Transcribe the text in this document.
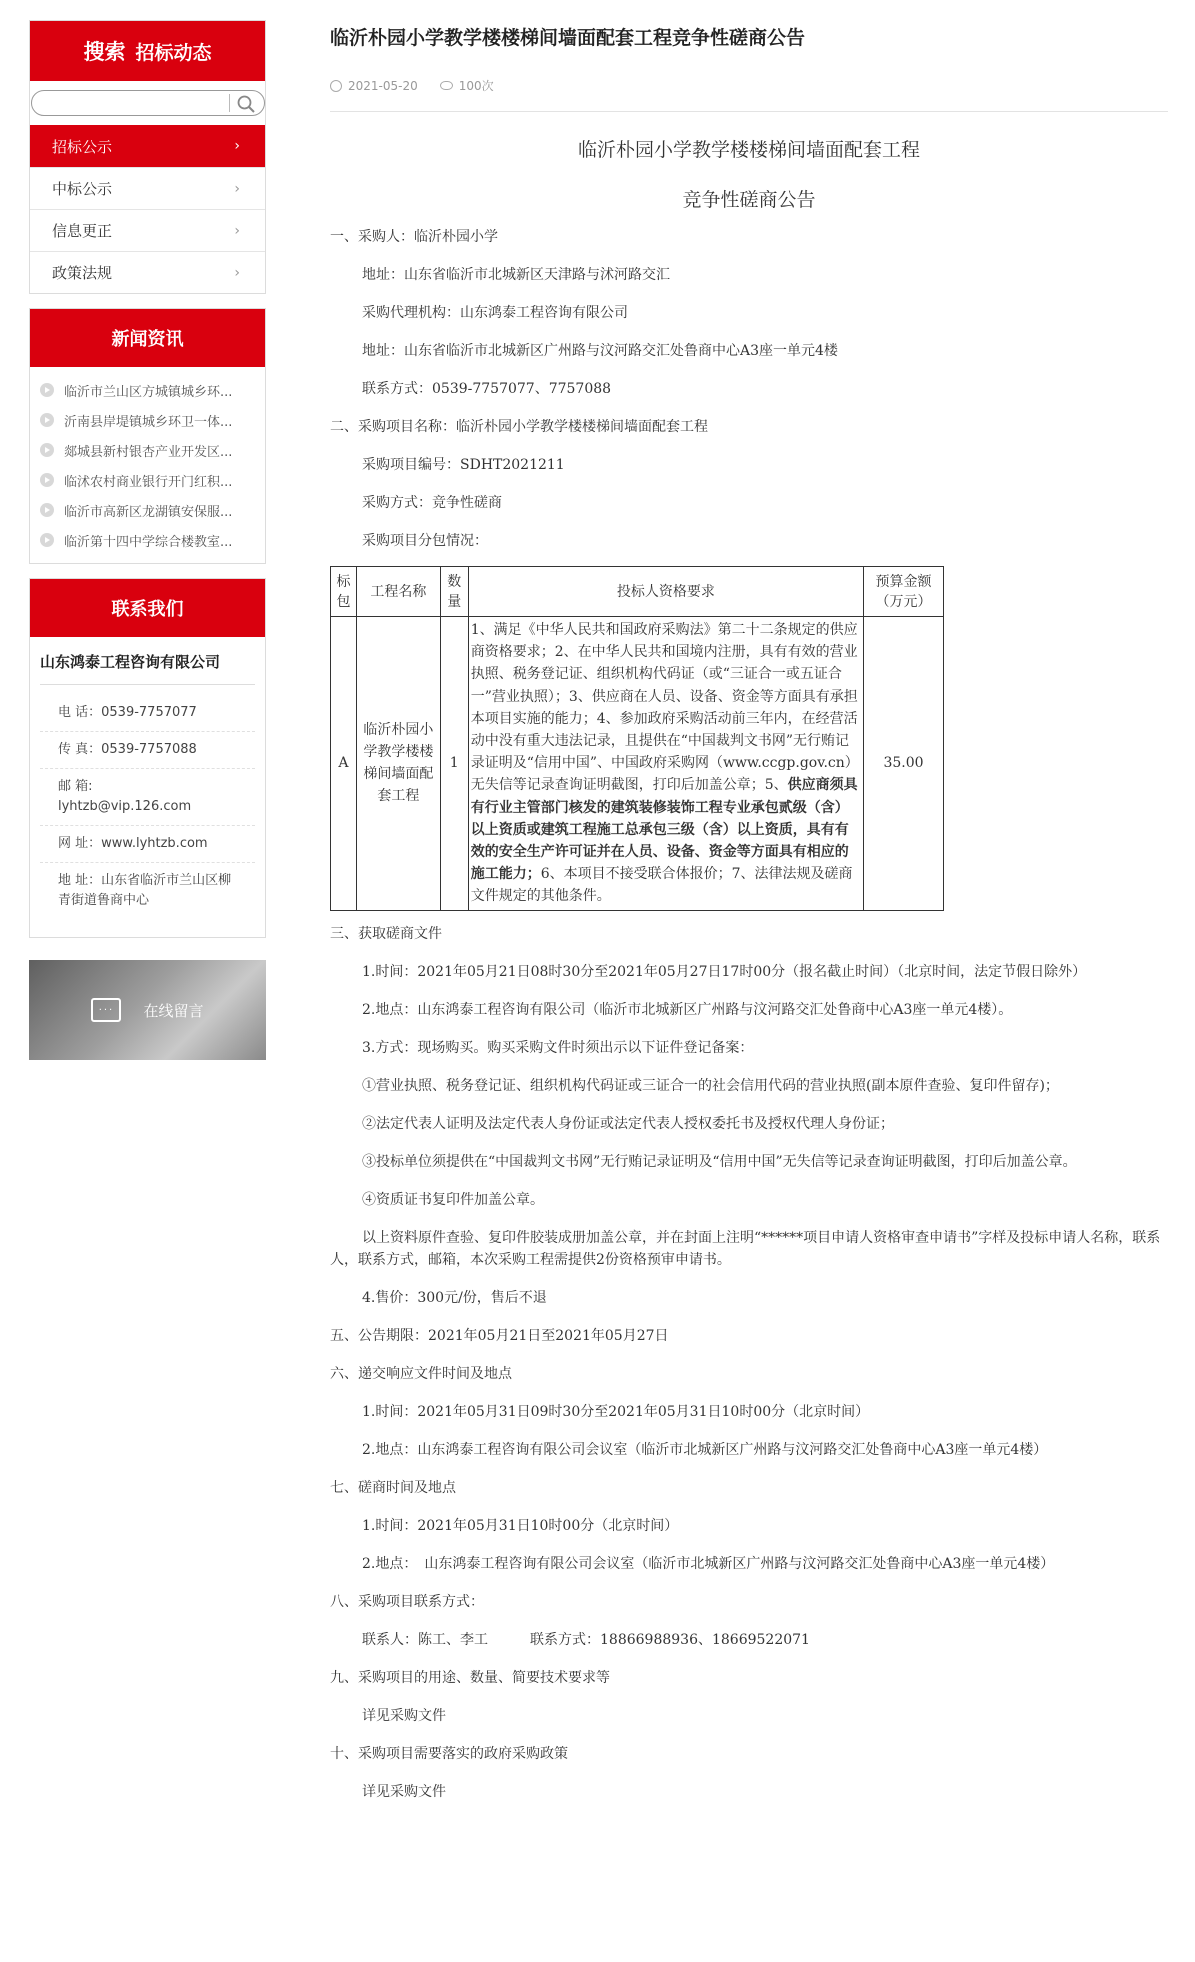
搜索 招标动态
招标公示	›
中标公示	›
信息更正	›
政策法规	›
新闻资讯
临沂市兰山区方城镇城乡环...
沂南县岸堤镇城乡环卫一体...
郯城县新村银杏产业开发区...
临沭农村商业银行开门红积...
临沂市高新区龙湖镇安保服...
临沂第十四中学综合楼教室...
联系我们
山东鸿泰工程咨询有限公司
电 话：0539-7757077
传 真：0539-7757088
邮 箱:
lyhtzb@vip.126.com
网 址：www.lyhtzb.com
地 址：山东省临沂市兰山区柳青街道鲁商中心
···	在线留言
临沂朴园小学教学楼楼梯间墙面配套工程竞争性磋商公告
2021-05-20	100次
临沂朴园小学教学楼楼梯间墙面配套工程
竞争性磋商公告
一、采购人：临沂朴园小学
地址：山东省临沂市北城新区天津路与沭河路交汇
采购代理机构：山东鸿泰工程咨询有限公司
地址：山东省临沂市北城新区广州路与汶河路交汇处鲁商中心A3座一单元4楼
联系方式：0539-7757077、7757088
二、采购项目名称：临沂朴园小学教学楼楼梯间墙面配套工程
采购项目编号：SDHT2021211
采购方式：竞争性磋商
采购项目分包情况：
标包	工程名称	数量	投标人资格要求	预算金额（万元）
A	临沂朴园小学教学楼楼梯间墙面配套工程	1	1、满足《中华人民共和国政府采购法》第二十二条规定的供应商资格要求；2、在中华人民共和国境内注册，具有有效的营业执照、税务登记证、组织机构代码证（或“三证合一或五证合一”营业执照）；3、供应商在人员、设备、资金等方面具有承担本项目实施的能力；4、参加政府采购活动前三年内，在经营活动中没有重大违法记录，且提供在“中国裁判文书网”无行贿记录证明及“信用中国”、中国政府采购网（www.ccgp.gov.cn）无失信等记录查询证明截图，打印后加盖公章；5、供应商须具有行业主管部门核发的建筑装修装饰工程专业承包贰级（含）以上资质或建筑工程施工总承包三级（含）以上资质，具有有效的安全生产许可证并在人员、设备、资金等方面具有相应的施工能力；6、本项目不接受联合体报价；7、法律法规及磋商文件规定的其他条件。	35.00
三、获取磋商文件
1.时间：2021年05月21日08时30分至2021年05月27日17时00分（报名截止时间）（北京时间，法定节假日除外）
2.地点：山东鸿泰工程咨询有限公司（临沂市北城新区广州路与汶河路交汇处鲁商中心A3座一单元4楼）。
3.方式：现场购买。购买采购文件时须出示以下证件登记备案：
①营业执照、税务登记证、组织机构代码证或三证合一的社会信用代码的营业执照(副本原件查验、复印件留存)；
②法定代表人证明及法定代表人身份证或法定代表人授权委托书及授权代理人身份证；
③投标单位须提供在“中国裁判文书网”无行贿记录证明及“信用中国”无失信等记录查询证明截图，打印后加盖公章。
④资质证书复印件加盖公章。
以上资料原件查验、复印件胶装成册加盖公章，并在封面上注明“******项目申请人资格审查申请书”字样及投标申请人名称，联系人，联系方式，邮箱，本次采购工程需提供2份资格预审申请书。
4.售价：300元/份，售后不退
五、公告期限：2021年05月21日至2021年05月27日
六、递交响应文件时间及地点
1.时间：2021年05月31日09时30分至2021年05月31日10时00分（北京时间）
2.地点：山东鸿泰工程咨询有限公司会议室（临沂市北城新区广州路与汶河路交汇处鲁商中心A3座一单元4楼）
七、磋商时间及地点
1.时间：2021年05月31日10时00分（北京时间）
2.地点：　山东鸿泰工程咨询有限公司会议室（临沂市北城新区广州路与汶河路交汇处鲁商中心A3座一单元4楼）
八、采购项目联系方式：
联系人：陈工、李工　　　联系方式：18866988936、18669522071
九、采购项目的用途、数量、简要技术要求等
详见采购文件
十、采购项目需要落实的政府采购政策
详见采购文件
